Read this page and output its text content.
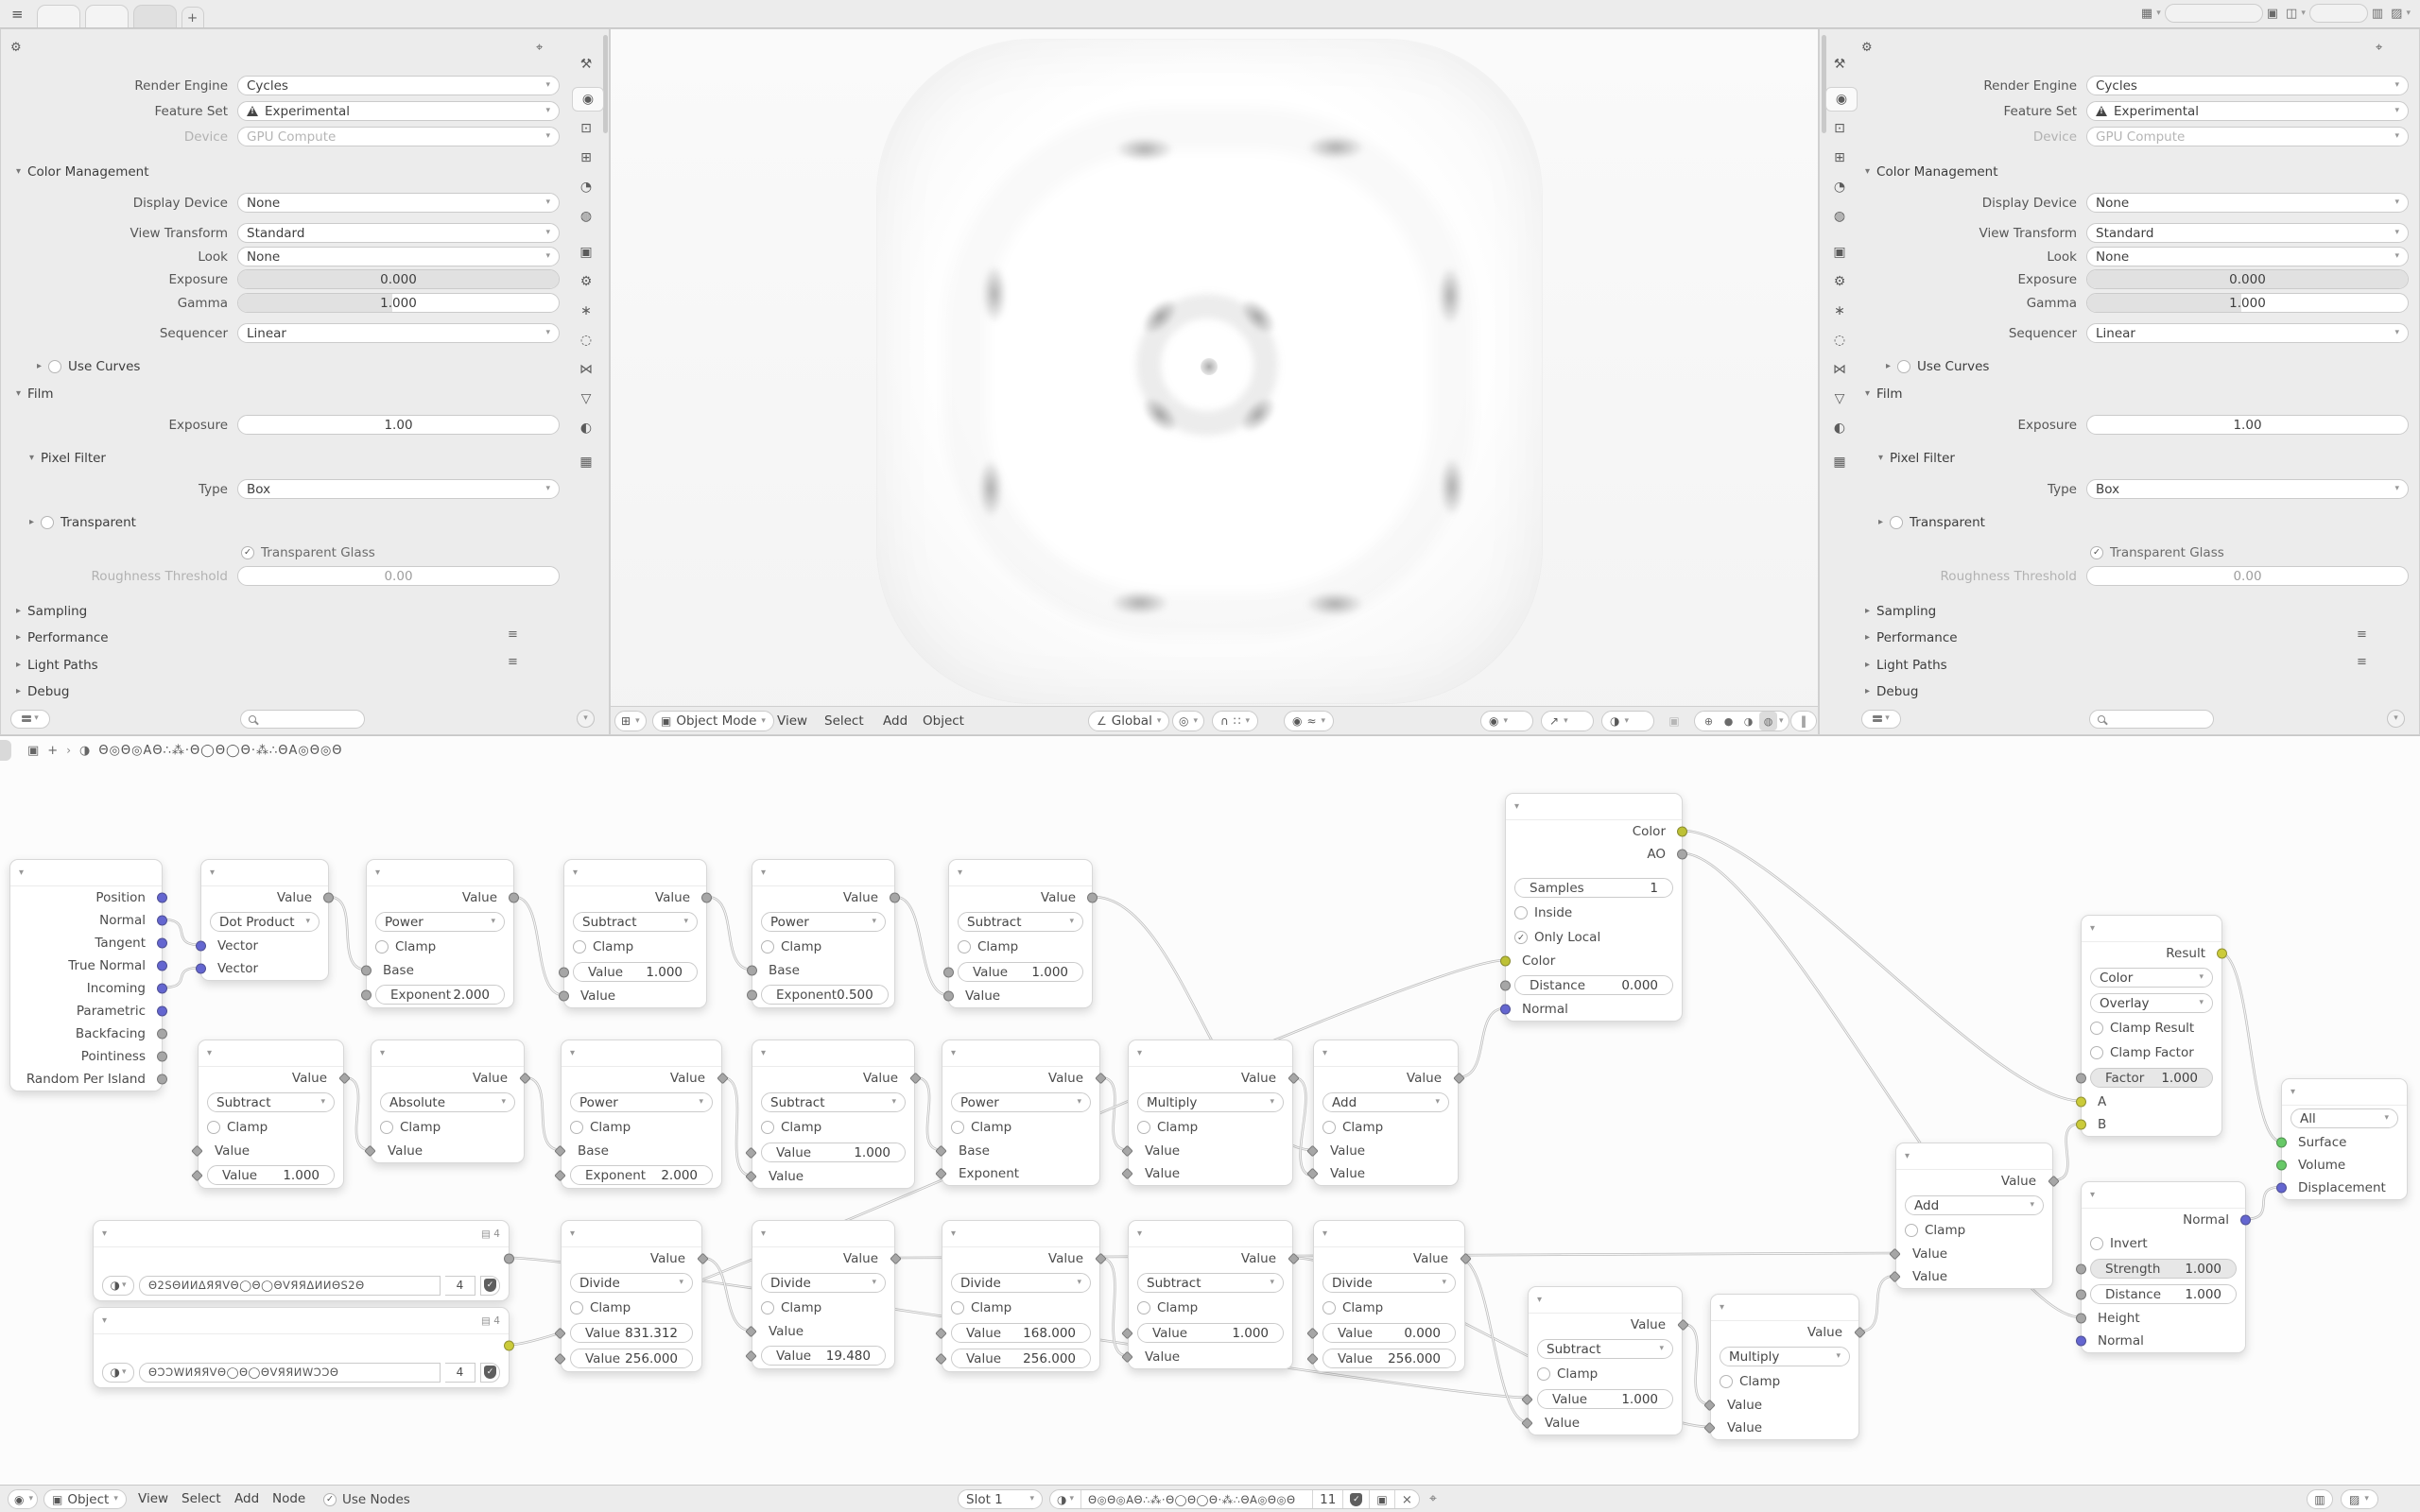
≡	+	▦ ▾	▣ ◫ ▾	▥ ▨ ▾
Render Engine Cycles	▾
Feature Set !	Experimental	▾
Device GPU Compute	▾
▾ Color Management
Display Device None	▾
View Transform Standard	▾
Look None	▾
Exposure	0.000
Gamma	1.000
Sequencer Linear	▾
▸ Use Curves
▾ Film
Exposure	1.00
▾ Pixel Filter
Type Box	▾
▸ Transparent
✓ Transparent Glass
Roughness Threshold	0.00
▸ Sampling
▸ Performance	≡
▸ Light Paths	≡
▸ Debug
⚙	⌖
⚒
◉
⊡
⊞
◔
◍
▣
⚙
∗
◌
⋈
▽
◐
▦
▾	▾
Render Engine Cycles	▾
Feature Set !	Experimental	▾
Device GPU Compute	▾
▾ Color Management
Display Device None	▾
View Transform Standard	▾
Look None	▾
Exposure	0.000
Gamma	1.000
Sequencer Linear	▾
▸ Use Curves
▾ Film
Exposure	1.00
▾ Pixel Filter
Type Box	▾
▸ Transparent
✓ Transparent Glass
Roughness Threshold	0.00
▸ Sampling
▸ Performance	≡
▸ Light Paths	≡
▸ Debug
⚙	⌖
⚒
◉
⊡
⊞
◔
◍
▣
⚙
∗
◌
⋈
▽
◐
▦
▾	▾
⊞ ▾ ▣ Object Mode ▾ View Select Add Object	∠ Global ▾ ◎ ▾ ∩ ∷ ▾	◉ ≈ ▾	◉ ▾	↗ ▾	◑ ▾	▣	⊕	●	◑	◍ ▾ ‖
▾
Position
Normal
Tangent
True Normal
Incoming
Parametric
Backfacing
Pointiness
Random Per Island
▾
Value
Dot Product ▾
Vector
Vector
▾
Value
Power	▾
Clamp
Base
Exponent 2.000
▾
Value
Subtract	▾
Clamp
Value 1.000
Value
▾
Value
Power	▾
Clamp
Base
Exponent 0.500
▾
Value
Subtract	▾
Clamp
Value 1.000
Value
▾
Value
Subtract	▾
Clamp
Value
Value 1.000
▾
Value
Absolute	▾
Clamp
Value
▾
Value
Power	▾
Clamp
Base
Exponent 2.000
▾
Value
Subtract	▾
Clamp
Value	1.000
Value
▾
Value
Power	▾
Clamp
Base
Exponent
▾
Value
Multiply	▾
Clamp
Value
Value
▾
Value
Add	▾
Clamp
Value
Value
▾	▤ 4
◑ ▾	Θ2SΘИИΔЯЯVΘ◯Θ◯ΘVЯЯΔИИΘS2Θ	4	✓
▾	▤ 4
◑ ▾	ΘƆƆWИЯЯVΘ◯Θ◯ΘVЯЯИWƆƆΘ	4	✓
▾
Value
Divide	▾
Clamp
Value 831.312
Value 256.000
▾
Value
Divide	▾
Clamp
Value
Value 19.480
▾
Value
Divide	▾
Clamp
Value 168.000
Value 256.000
▾
Value
Subtract	▾
Clamp
Value	1.000
Value
▾
Value
Divide	▾
Clamp
Value 0.000
Value 256.000
▾
Value
Subtract	▾
Clamp
Value	1.000
Value
▾
Value
Multiply	▾
Clamp
Value
Value
▾
Value
Add	▾
Clamp
Value
Value
▾
Color
AO
Samples	1
Inside
✓ Only Local
Color
Distance	0.000
Normal
▾
Result
Color	▾
Overlay	▾
Clamp Result
Clamp Factor
Factor 1.000
A
B
▾
Normal
Invert
Strength 1.000
Distance 1.000
Height
Normal
▾
All	▾
Surface
Volume
Displacement
▣ + › ◑ Θ◎Θ◎AΘ∴⁂·Θ◯Θ◯Θ·⁂∴ΘA◎Θ◎Θ
◉ ▾ ▣ Object ▾ View Select Add Node	✓ Use Nodes	Slot 1	▾ ◑ ▾	Θ◎Θ◎AΘ∴⁂·Θ◯Θ◯Θ·⁂∴ΘA◎Θ◎Θ	11	✓ ▣	×	⌖	▥ ▨ ▾
